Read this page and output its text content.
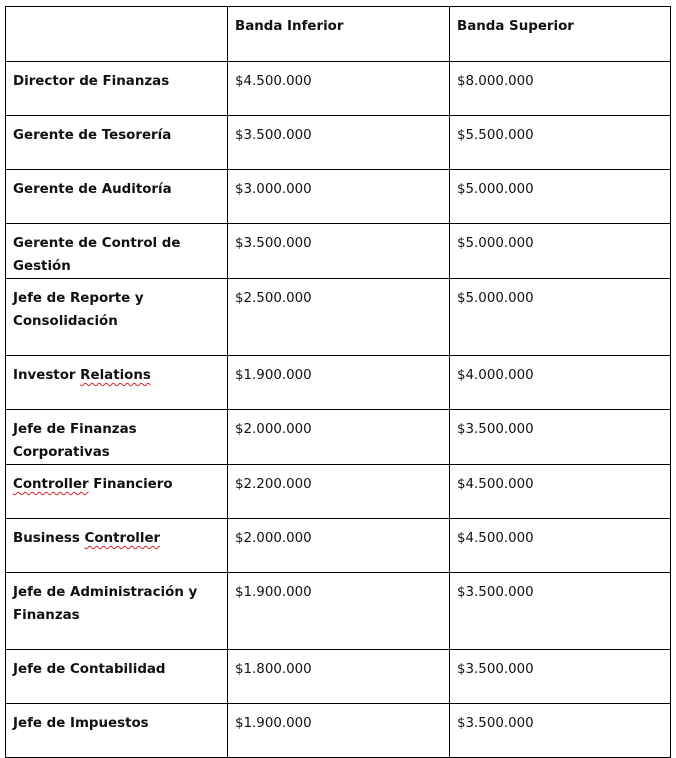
	Banda Inferior	Banda Superior

Director de Finanzas	$4.500.000	$8.000.000

Gerente de Tesorería	$3.500.000	$5.500.000

Gerente de Auditoría	$3.000.000	$5.000.000

Gerente de Control de Gestión	$3.500.000	$5.000.000

Jefe de Reporte y
Consolidación	$2.500.000	$5.000.000

Investor Relations	$1.900.000	$4.000.000

Jefe de Finanzas Corporativas	$2.000.000	$3.500.000

Controller Financiero	$2.200.000	$4.500.000

Business Controller	$2.000.000	$4.500.000

Jefe de Administración y
Finanzas	$1.900.000	$3.500.000

Jefe de Contabilidad	$1.800.000	$3.500.000

Jefe de Impuestos	$1.900.000	$3.500.000
